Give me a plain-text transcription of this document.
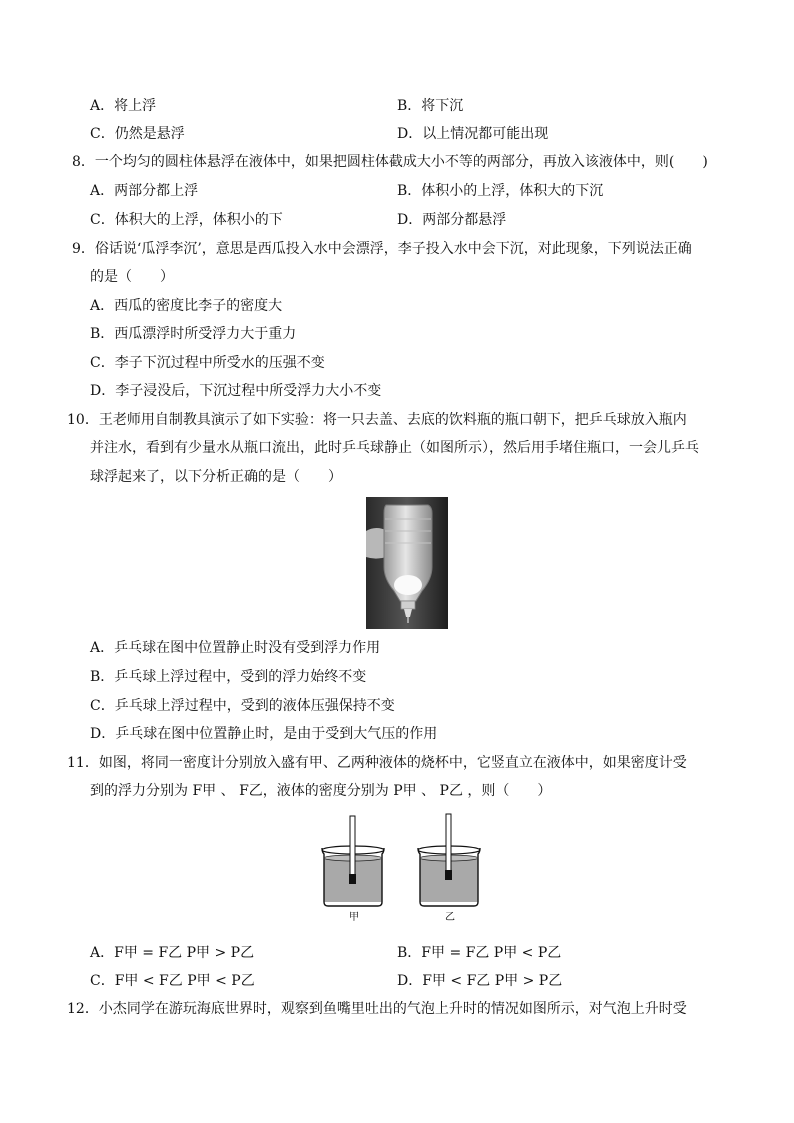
A．将上浮	B．将下沉
C．仍然是悬浮	D．以上情况都可能出现
8．一个均匀的圆柱体悬浮在液体中，如果把圆柱体截成大小不等的两部分，再放入该液体中，则(　　)
A．两部分都上浮	B．体积小的上浮，体积大的下沉
C．体积大的上浮，体积小的下	D．两部分都悬浮
9．俗话说‘瓜浮李沉’，意思是西瓜投入水中会漂浮，李子投入水中会下沉，对此现象，下列说法正确
的是（　　）
A．西瓜的密度比李子的密度大
B．西瓜漂浮时所受浮力大于重力
C．李子下沉过程中所受水的压强不变
D．李子浸没后，下沉过程中所受浮力大小不变
10．王老师用自制教具演示了如下实验：将一只去盖、去底的饮料瓶的瓶口朝下，把乒乓球放入瓶内
并注水，看到有少量水从瓶口流出，此时乒乓球静止（如图所示），然后用手堵住瓶口，一会儿乒乓
球浮起来了，以下分析正确的是（　　）
A．乒乓球在图中位置静止时没有受到浮力作用
B．乒乓球上浮过程中，受到的浮力始终不变
C．乒乓球上浮过程中，受到的液体压强保持不变
D．乒乓球在图中位置静止时，是由于受到大气压的作用
11．如图，将同一密度计分别放入盛有甲、乙两种液体的烧杯中，它竖直立在液体中，如果密度计受
到的浮力分别为 F甲 、 F乙，液体的密度分别为 P甲 、 P乙 ，则（　　）
甲	乙
A．F甲 = F乙 P甲 > P乙	B．F甲 = F乙 P甲 < P乙
C．F甲 < F乙 P甲 < P乙	D．F甲 < F乙 P甲 > P乙
12．小杰同学在游玩海底世界时，观察到鱼嘴里吐出的气泡上升时的情况如图所示，对气泡上升时受
